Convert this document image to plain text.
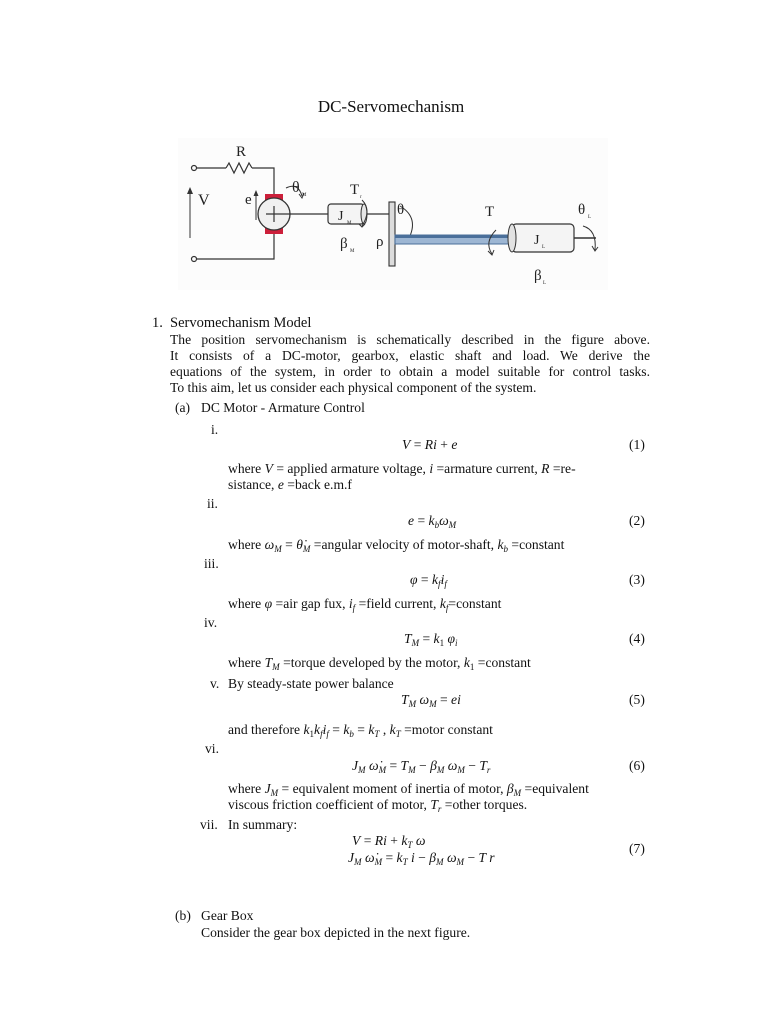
DC-Servomechanism
R
V e
θ M	T r
J M
β M
ρ
θ	T
J L
θ L
β L
1. Servomechanism Model
The position servomechanism is schematically described in the figure above.
It consists of a DC-motor, gearbox, elastic shaft and load. We derive the
equations of the system, in order to obtain a model suitable for control tasks.
To this aim, let us consider each physical component of the system.
(a) DC Motor - Armature Control
i.
V = Ri + e	(1)
where V = applied armature voltage, i =armature current, R =re-
sistance, e =back e.m.f
ii.
$e = k_b\omega_M$	(2)
where $\omega_M$ = $\thetȧ_M$ =angular velocity of motor-shaft, $k_b$ =constant
iii.
$\varphi = k_fi_f$	(3)
where φ =air gap fux, $i_f$ =field current, $k_f=constant$
iv.
$T_M = k_1$ $\varphi_i$	(4)
where $T_M$ =torque developed by the motor, $k_1$ =constant
v. By steady-state power balance
$T_M$ $\omega_M$ = ei	(5)
and therefore $k_1k_fi_f = k_b = k_T$ , $k_T$ =motor constant
vi.
$J_M$ $\omegȧ_M = T_M - \beta_M$ $\omega_M - T_r$	(6)
where $J_M$ = equivalent moment of inertia of motor, $\beta_M$ =equivalent
viscous friction coefficient of motor, $T_r$ =other torques.
vii. In summary:
$V = Ri + k_T$ ω
$J_M$ $\omegȧ_M = k_T$ $i - \beta_M$ $\omega_M - T$ r
(7)
(b) Gear Box
Consider the gear box depicted in the next figure.
